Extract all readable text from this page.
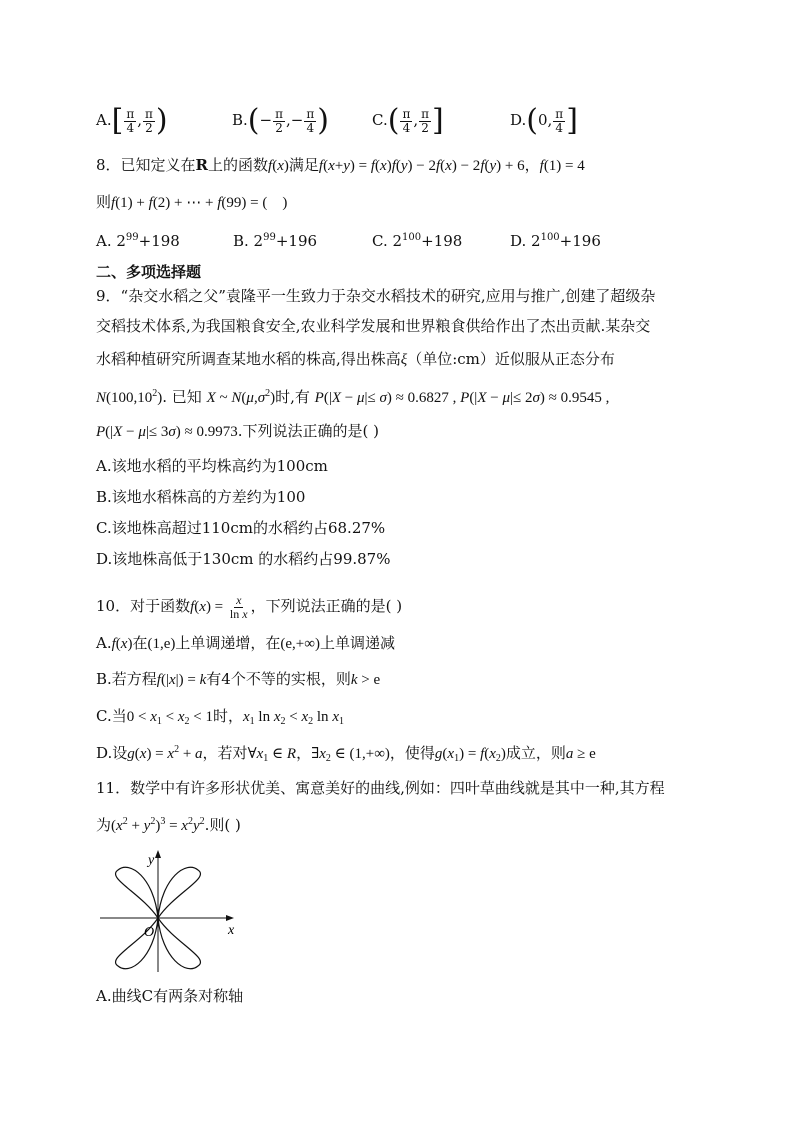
$A.[ \frac{\pi}{4}$ , $\frac{\pi}{2}$ )	$B.(- \frac{\pi}{2}$ ,− $\frac{\pi}{4}$ )	$C.( \frac{\pi}{4}$ , $\frac{\pi}{2}$ ]	D.(0, $\frac{\pi}{4}$ ]
8．已知定义在R上的函数f(x)满足f(x+y) = f(x)f(y) − 2f(x) − 2f(y) + 6，f(1) = 4
则f(1) + f(2) + ⋯ + f(99) = (　)
A. $2^{99}+198$	B. $2^{99}+196$	C. $2^{100}+198$	D. $2^{100}+196$
二、多项选择题
9．“杂交水稻之父”袁隆平一生致力于杂交水稻技术的研究,应用与推广,创建了超级杂
交稻技术体系,为我国粮食安全,农业科学发展和世界粮食供给作出了杰出贡献.某杂交
水稻种植研究所调查某地水稻的株高,得出株高ξ（单位:cm）近似服从正态分布
N(100,10$^2$). 已知 X ~ $N(\mu,\sigma^2)$时,有 P(|X − μ|≤ σ) ≈ 0.6827 , P(|X − μ|≤ 2σ) ≈ 0.9545 ,
P(|X − μ|≤ 3σ) ≈ 0.9973.下列说法正确的是( )
A.该地水稻的平均株高约为100cm
B.该地水稻株高的方差约为100
C.该地株高超过110cm的水稻约占68.27%
D.该地株高低于130cm 的水稻约占99.87%
10．对于函数$f(x) = \frac{x}{\text{ln x}}$ ，下列说法正确的是( )
A.f(x)在(1,e)上单调递增，在(e,+∞)上单调递减
B.若方程f(|x|) = k有4个不等的实根，则k > e
C.当$0 < x_1 < x_2 < 1$时，$x_1$ $\ln x_2 < x_2$ $\ln x_1$
D.设$g(x) = x^2 + a$，若对$\forall x_1$ ∈ R，$\exists x_2$ ∈ (1,+∞)，使得$g(x_1) = f(x_2)$成立，则a ≥ e
11．数学中有许多形状优美、寓意美好的曲线,例如：四叶草曲线就是其中一种,其方程
为$(x^2 + y^2)^3 = x^2y^2$.则( )
y
x
O
A.曲线C有两条对称轴
